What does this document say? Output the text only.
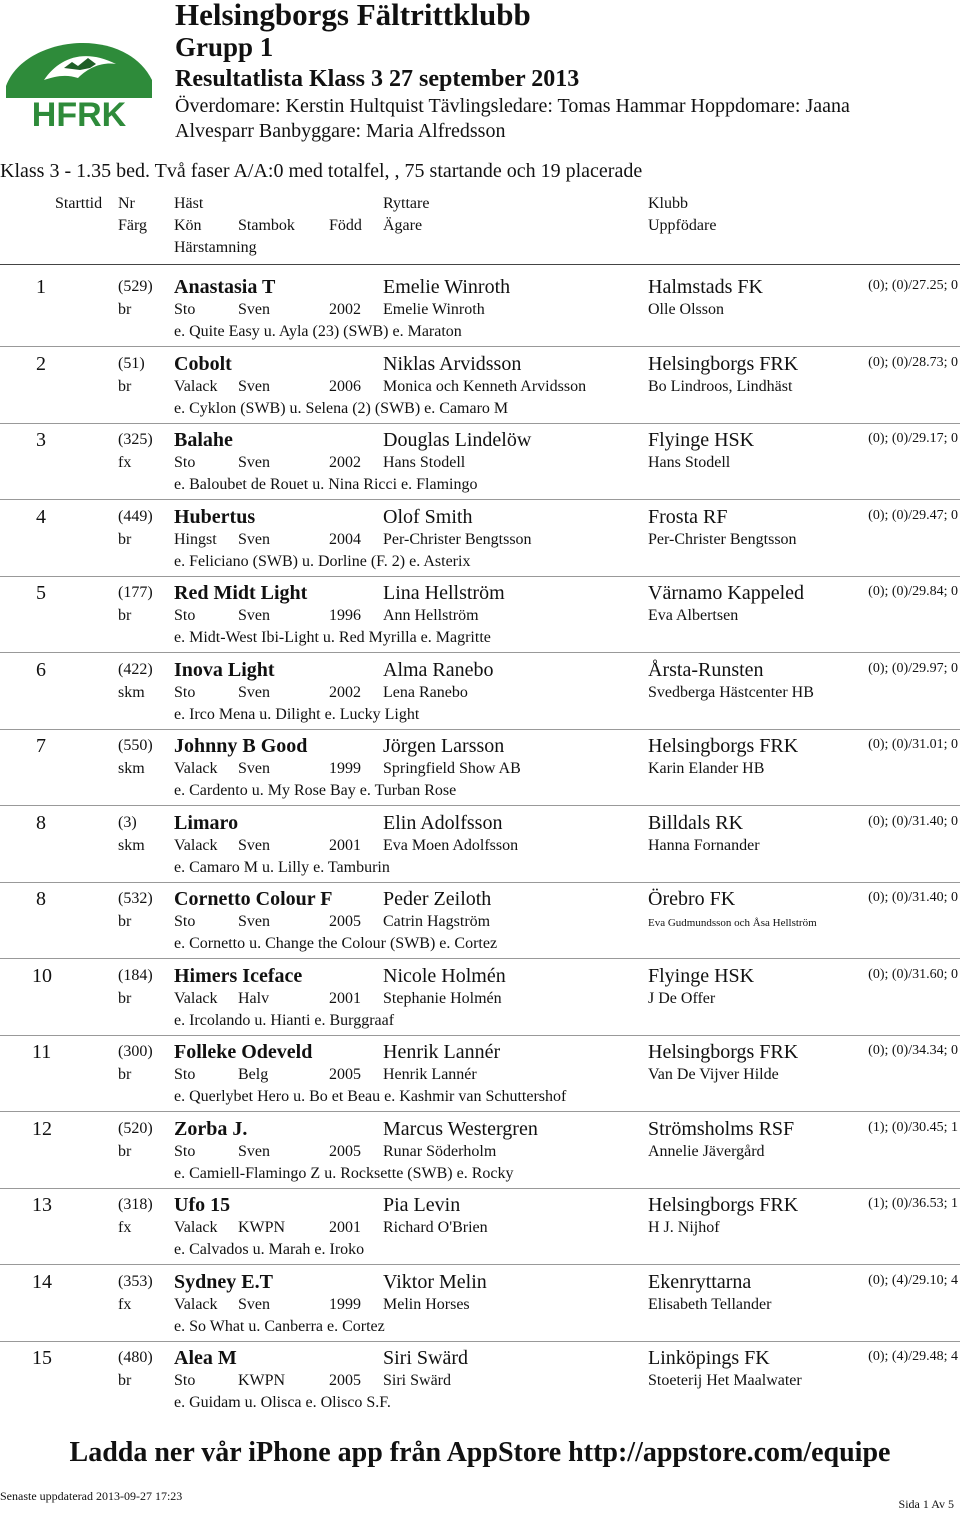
HFRK
Helsingborgs Fältrittklubb
Grupp 1
Resultatlista Klass 3 27 september 2013
Överdomare: Kerstin Hultquist Tävlingsledare: Tomas Hammar Hoppdomare: Jaana
Alvesparr Banbyggare: Maria Alfredsson
Klass 3 - 1.35 bed. Två faser A/A:0 med totalfel, , 75 startande och 19 placerade
Starttid Nr Häst	Ryttare	Klubb
Färg Kön Stambok Född Ägare	Uppfödare
Härstamning
1	(529) Anastasia T	Emelie Winroth	Halmstads FK	(0); (0)/27.25; 0
br	Sto	Sven	2002 Emelie Winroth	Olle Olsson
e. Quite Easy u. Ayla (23) (SWB) e. Maraton
2	(51) Cobolt	Niklas Arvidsson	Helsingborgs FRK	(0); (0)/28.73; 0
br	Valack Sven	2006 Monica och Kenneth Arvidsson	Bo Lindroos, Lindhäst
e. Cyklon (SWB) u. Selena (2) (SWB) e. Camaro M
3	(325) Balahe	Douglas Lindelöw	Flyinge HSK	(0); (0)/29.17; 0
fx	Sto	Sven	2002 Hans Stodell	Hans Stodell
e. Baloubet de Rouet u. Nina Ricci e. Flamingo
4	(449) Hubertus	Olof Smith	Frosta RF	(0); (0)/29.47; 0
br	Hingst Sven	2004 Per-Christer Bengtsson	Per-Christer Bengtsson
e. Feliciano (SWB) u. Dorline (F. 2) e. Asterix
5	(177) Red Midt Light	Lina Hellström	Värnamo Kappeled	(0); (0)/29.84; 0
br	Sto	Sven	1996 Ann Hellström	Eva Albertsen
e. Midt-West Ibi-Light u. Red Myrilla e. Magritte
6	(422) Inova Light	Alma Ranebo	Årsta-Runsten	(0); (0)/29.97; 0
skm Sto	Sven	2002 Lena Ranebo	Svedberga Hästcenter HB
e. Irco Mena u. Dilight e. Lucky Light
7	(550) Johnny B Good	Jörgen Larsson	Helsingborgs FRK	(0); (0)/31.01; 0
skm Valack Sven	1999 Springfield Show AB	Karin Elander HB
e. Cardento u. My Rose Bay e. Turban Rose
8	(3) Limaro	Elin Adolfsson	Billdals RK	(0); (0)/31.40; 0
skm Valack Sven	2001 Eva Moen Adolfsson	Hanna Fornander
e. Camaro M u. Lilly e. Tamburin
8	(532) Cornetto Colour F	Peder Zeiloth	Örebro FK	(0); (0)/31.40; 0
br	Sto	Sven	2005 Catrin Hagström	Eva Gudmundsson och Åsa Hellström
e. Cornetto u. Change the Colour (SWB) e. Cortez
10	(184) Himers Iceface	Nicole Holmén	Flyinge HSK	(0); (0)/31.60; 0
br	Valack Halv	2001 Stephanie Holmén	J De Offer
e. Ircolando u. Hianti e. Burggraaf
11	(300) Folleke Odeveld	Henrik Lannér	Helsingborgs FRK	(0); (0)/34.34; 0
br	Sto	Belg	2005 Henrik Lannér	Van De Vijver Hilde
e. Querlybet Hero u. Bo et Beau e. Kashmir van Schuttershof
12	(520) Zorba J.	Marcus Westergren	Strömsholms RSF	(1); (0)/30.45; 1
br	Sto	Sven	2005 Runar Söderholm	Annelie Jävergård
e. Camiell-Flamingo Z u. Rocksette (SWB) e. Rocky
13	(318) Ufo 15	Pia Levin	Helsingborgs FRK	(1); (0)/36.53; 1
fx	Valack KWPN	2001 Richard O'Brien	H J. Nijhof
e. Calvados u. Marah e. Iroko
14	(353) Sydney E.T	Viktor Melin	Ekenryttarna	(0); (4)/29.10; 4
fx	Valack Sven	1999 Melin Horses	Elisabeth Tellander
e. So What u. Canberra e. Cortez
15	(480) Alea M	Siri Swärd	Linköpings FK	(0); (4)/29.48; 4
br	Sto	KWPN	2005 Siri Swärd	Stoeterij Het Maalwater
e. Guidam u. Olisca e. Olisco S.F.
Ladda ner vår iPhone app från AppStore http://appstore.com/equipe
Senaste uppdaterad 2013-09-27 17:23
Sida 1 Av 5
